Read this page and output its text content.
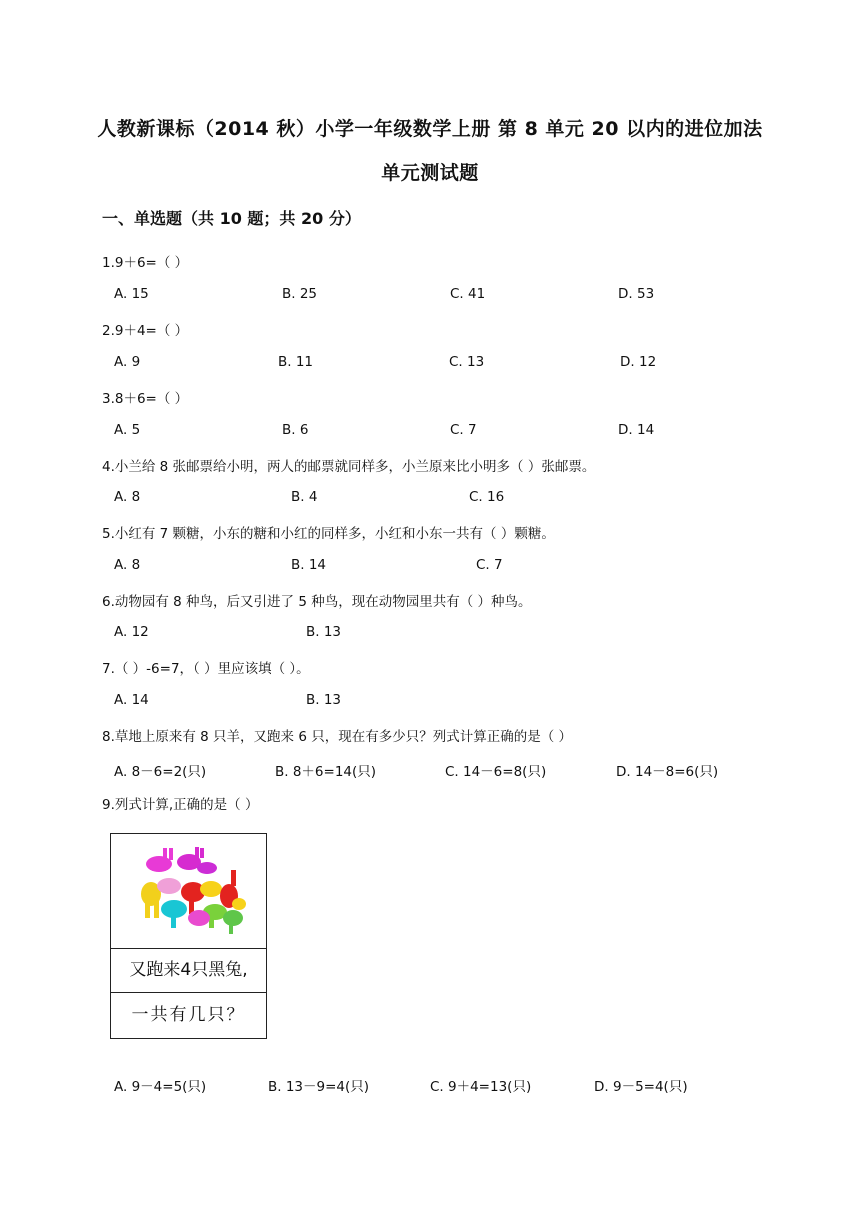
人教新课标（2014 秋）小学一年级数学上册 第 8 单元 20 以内的进位加法
单元测试题
一、单选题（共 10 题；共 20 分）
1.9＋6=（ ）
A. 15	B. 25	C. 41	D. 53
2.9＋4=（ ）
A. 9	B. 11	C. 13	D. 12
3.8＋6=（ ）
A. 5	B. 6	C. 7	D. 14
4.小兰给 8 张邮票给小明，两人的邮票就同样多，小兰原来比小明多（ ）张邮票。
A. 8	B. 4	C. 16
5.小红有 7 颗糖，小东的糖和小红的同样多，小红和小东一共有（ ）颗糖。
A. 8	B. 14	C. 7
6.动物园有 8 种鸟，后又引进了 5 种鸟，现在动物园里共有（ ）种鸟。
A. 12	B. 13
7.（ ）-6=7，（ ）里应该填（ ）。
A. 14	B. 13
8.草地上原来有 8 只羊，又跑来 6 只，现在有多少只？列式计算正确的是（ ）
A. 8－6=2(只)	B. 8＋6=14(只)	C. 14－6=8(只)	D. 14－8=6(只)
9.列式计算,正确的是（ ）
又跑来4只黑兔,
一共有几只？
A. 9－4=5(只)	B. 13－9=4(只)	C. 9＋4=13(只)	D. 9－5=4(只)
